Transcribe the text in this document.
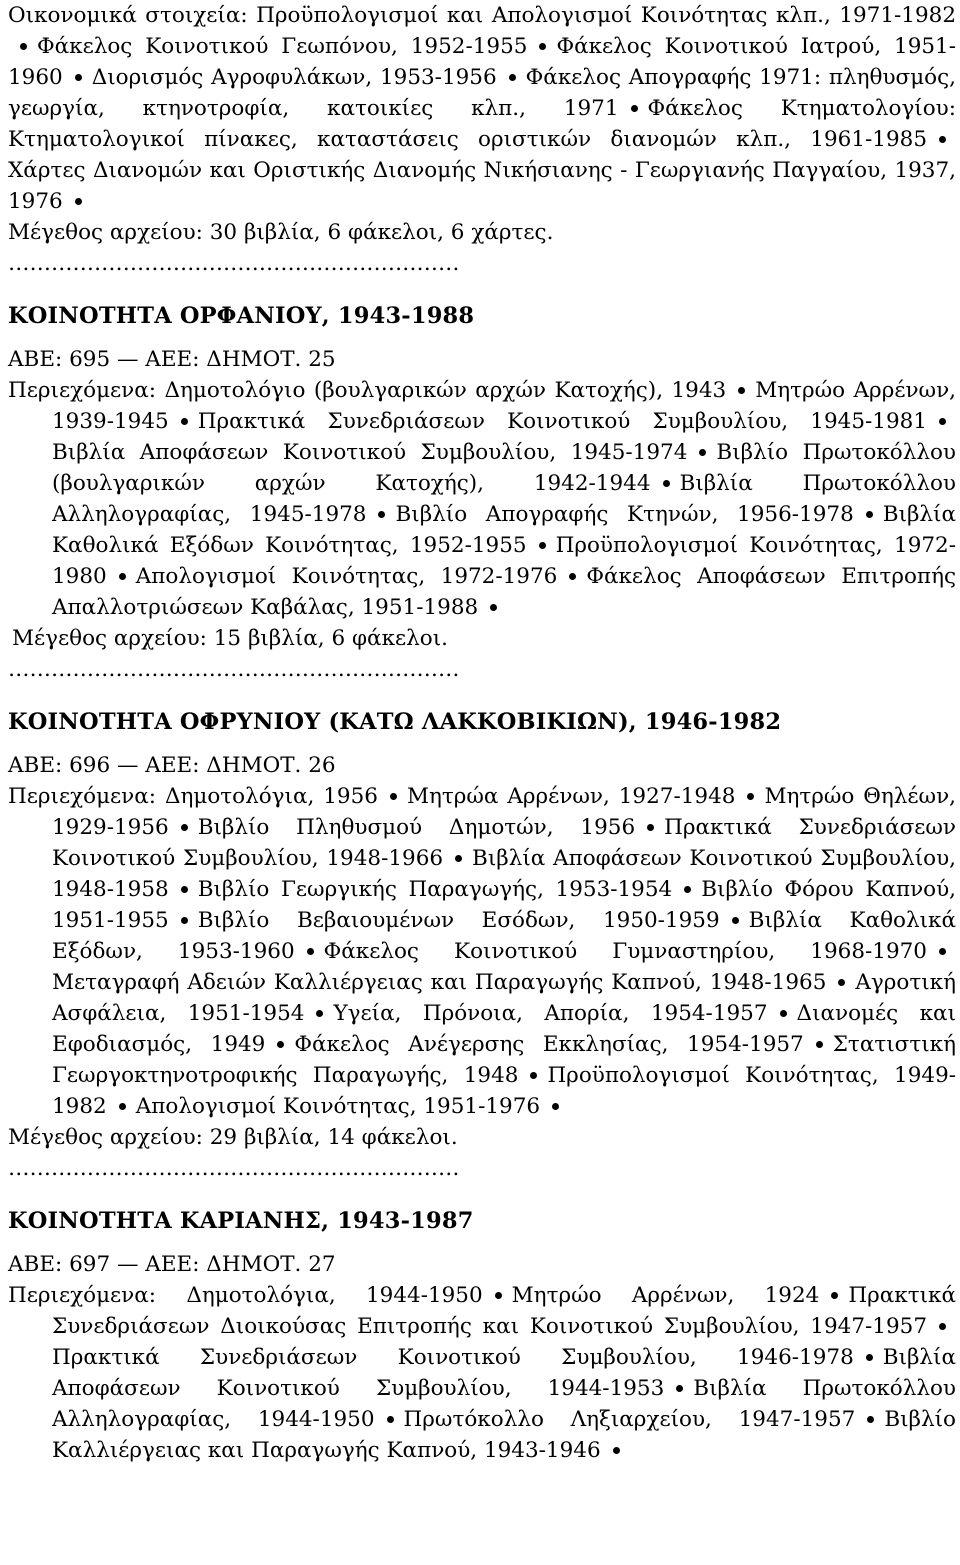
Οικονομικά στοιχεία: Προϋπολογισμοί και Απολογισμοί Κοινότητας κλπ., 1971-1982Φάκελος Κοινοτικού Γεωπόνου, 1952-1955 Φάκελος Κοινοτικού Ιατρού, 1951-1960 Διορισμός Αγροφυλάκων, 1953-1956 Φάκελος Απογραφής 1971: πληθυσμός, γεωργία, κτηνοτροφία, κατοικίες κλπ., 1971 Φάκελος Κτηματολογίου: Κτηματολογικοί πίνακες, καταστάσεις οριστικών διανομών κλπ., 1961-1985Χάρτες Διανομών και Οριστικής Διανομής Νικήσιανης - Γεωργιανής Παγγαίου, 1937, 1976

Μέγεθος αρχείου: 30 βιβλία, 6 φάκελοι, 6 χάρτες.

………………………………………………………

ΚΟΙΝΟΤΗΤΑ ΟΡΦΑΝΙΟΥ, 1943-1988

ΑΒΕ: 695 — ΑΕΕ: ΔΗΜΟΤ. 25

Περιεχόμενα: Δημοτολόγιο (βουλγαρικών αρχών Κατοχής), 1943 Μητρώο Αρρένων, 1939-1945 Πρακτικά Συνεδριάσεων Κοινοτικού Συμβουλίου, 1945-1981Βιβλία Αποφάσεων Κοινοτικού Συμβουλίου, 1945-1974 Βιβλίο Πρωτοκόλλου (βουλγαρικών αρχών Κατοχής), 1942-1944 Βιβλία Πρωτοκόλλου Αλληλογραφίας, 1945-1978 Βιβλίο Απογραφής Κτηνών, 1956-1978 Βιβλία Καθολικά Εξόδων Κοινότητας, 1952-1955 Προϋπολογισμοί Κοινότητας, 1972-1980 Απολογισμοί Κοινότητας, 1972-1976 Φάκελος Αποφάσεων Επιτροπής Απαλλοτριώσεων Καβάλας, 1951-1988

Μέγεθος αρχείου: 15 βιβλία, 6 φάκελοι.

………………………………………………………

ΚΟΙΝΟΤΗΤΑ ΟΦΡΥΝΙΟΥ (ΚΑΤΩ ΛΑΚΚΟΒΙΚΙΩΝ), 1946-1982

ΑΒΕ: 696 — ΑΕΕ: ΔΗΜΟΤ. 26

Περιεχόμενα: Δημοτολόγια, 1956 Μητρώα Αρρένων, 1927-1948 Μητρώο Θηλέων, 1929-1956 Βιβλίο Πληθυσμού Δημοτών, 1956 Πρακτικά Συνεδριάσεων Κοινοτικού Συμβουλίου, 1948-1966 Βιβλία Αποφάσεων Κοινοτικού Συμβουλίου, 1948-1958 Βιβλίο Γεωργικής Παραγωγής, 1953-1954 Βιβλίο Φόρου Καπνού, 1951-1955 Βιβλίο Βεβαιουμένων Εσόδων, 1950-1959 Βιβλία Καθολικά Εξόδων, 1953-1960 Φάκελος Κοινοτικού Γυμναστηρίου, 1968-1970Μεταγραφή Αδειών Καλλιέργειας και Παραγωγής Καπνού, 1948-1965 Αγροτική Ασφάλεια, 1951-1954 Υγεία, Πρόνοια, Απορία, 1954-1957 Διανομές και Εφοδιασμός, 1949 Φάκελος Ανέγερσης Εκκλησίας, 1954-1957 Στατιστική Γεωργοκτηνοτροφικής Παραγωγής, 1948 Προϋπολογισμοί Κοινότητας, 1949-1982 Απολογισμοί Κοινότητας, 1951-1976

Μέγεθος αρχείου: 29 βιβλία, 14 φάκελοι.

………………………………………………………

ΚΟΙΝΟΤΗΤΑ ΚΑΡΙΑΝΗΣ, 1943-1987

ΑΒΕ: 697 — ΑΕΕ: ΔΗΜΟΤ. 27

Περιεχόμενα: Δημοτολόγια, 1944-1950 Μητρώο Αρρένων, 1924 Πρακτικά Συνεδριάσεων Διοικούσας Επιτροπής και Κοινοτικού Συμβουλίου, 1947-1957Πρακτικά Συνεδριάσεων Κοινοτικού Συμβουλίου, 1946-1978 Βιβλία Αποφάσεων Κοινοτικού Συμβουλίου, 1944-1953 Βιβλία Πρωτοκόλλου Αλληλογραφίας, 1944-1950 Πρωτόκολλο Ληξιαρχείου, 1947-1957 Βιβλίο Καλλιέργειας και Παραγωγής Καπνού, 1943-1946
